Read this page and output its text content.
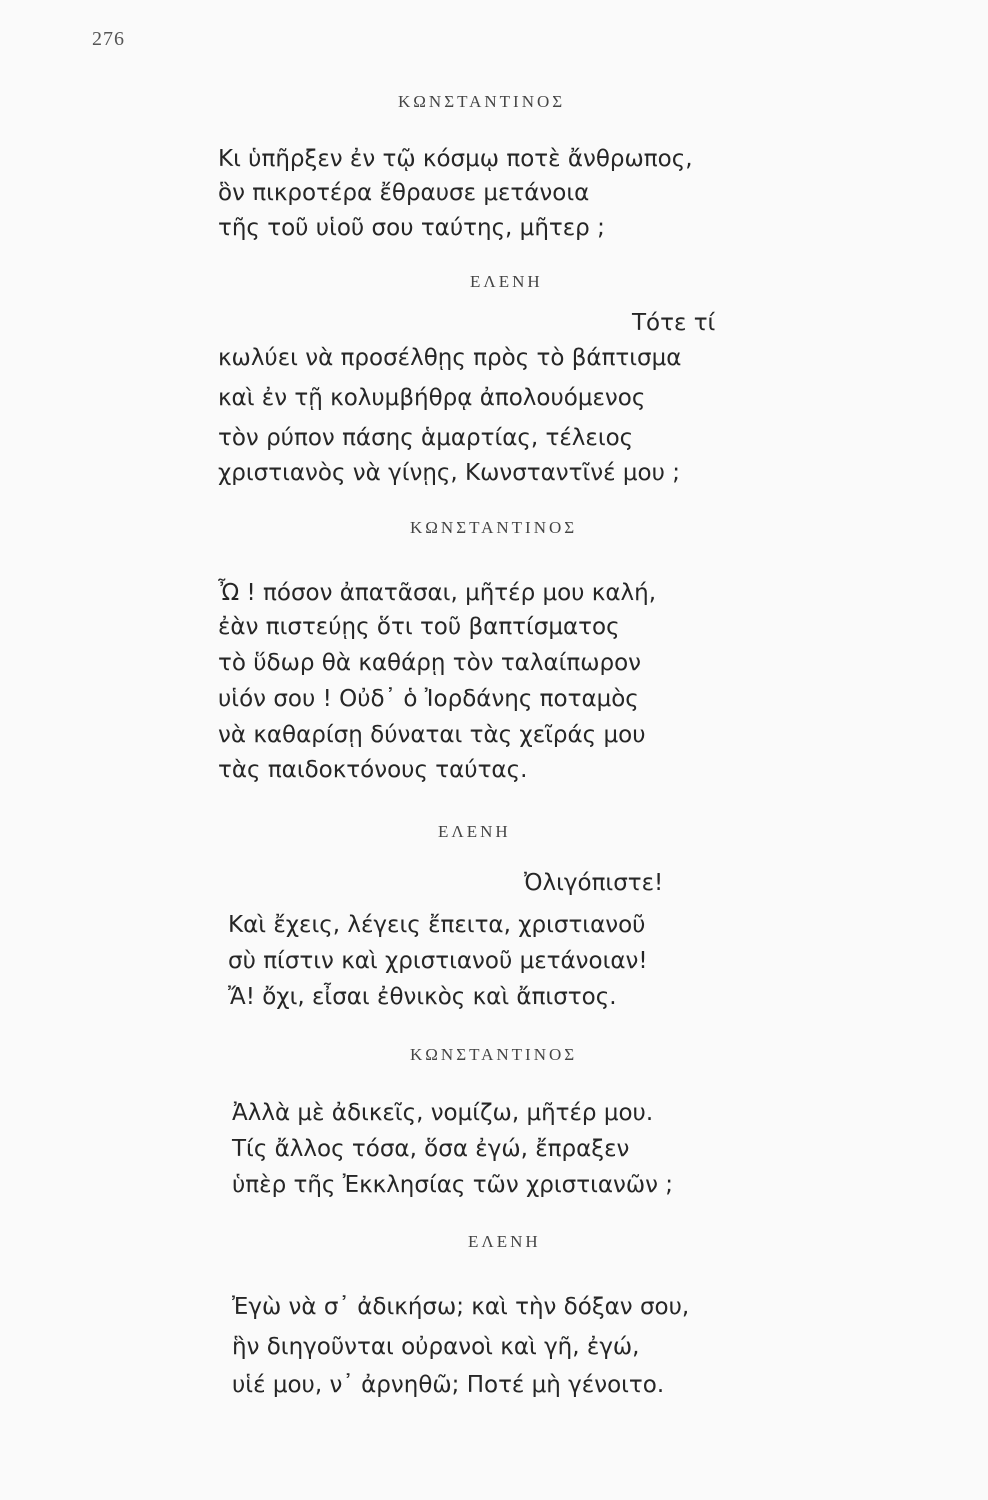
276
ΚΩΝΣΤΑΝΤΙΝΟΣ
Κι ὑπῆρξεν ἐν τῷ κόσμῳ ποτὲ ἄνθρωπος,
ὃν πικροτέρα ἔθραυσε μετάνοια
τῆς τοῦ υἱοῦ σου ταύτης, μῆτερ ;
ΕΛΕΝΗ
Τότε τί
κωλύει νὰ προσέλθῃς πρὸς τὸ βάπτισμα
καὶ ἐν τῇ κολυμβήθρᾳ ἀπολουόμενος
τὸν ρύπον πάσης ἁμαρτίας, τέλειος
χριστιανὸς νὰ γίνῃς, Κωνσταντῖνέ μου ;
ΚΩΝΣΤΑΝΤΙΝΟΣ
Ὦ ! πόσον ἀπατᾶσαι, μῆτέρ μου καλή,
ἐὰν πιστεύῃς ὅτι τοῦ βαπτίσματος
τὸ ὕδωρ θὰ καθάρῃ τὸν ταλαίπωρον
υἱόν σου ! Οὐδ᾽ ὁ Ἰορδάνης ποταμὸς
νὰ καθαρίσῃ δύναται τὰς χεῖράς μου
τὰς παιδοκτόνους ταύτας.
ΕΛΕΝΗ
Ὀλιγόπιστε!
Καὶ ἔχεις, λέγεις ἔπειτα, χριστιανοῦ
σὺ πίστιν καὶ χριστιανοῦ μετάνοιαν!
Ἄ! ὄχι, εἶσαι ἐθνικὸς καὶ ἄπιστος.
ΚΩΝΣΤΑΝΤΙΝΟΣ
Ἀλλὰ μὲ ἀδικεῖς, νομίζω, μῆτέρ μου.
Τίς ἄλλος τόσα, ὅσα ἐγώ, ἔπραξεν
ὑπὲρ τῆς Ἐκκλησίας τῶν χριστιανῶν ;
ΕΛΕΝΗ
Ἐγὼ νὰ σ᾽ ἀδικήσω; καὶ τὴν δόξαν σου,
ἣν διηγοῦνται οὐρανοὶ καὶ γῆ, ἐγώ,
υἱέ μου, ν᾽ ἀρνηθῶ; Ποτέ μὴ γένοιτο.
